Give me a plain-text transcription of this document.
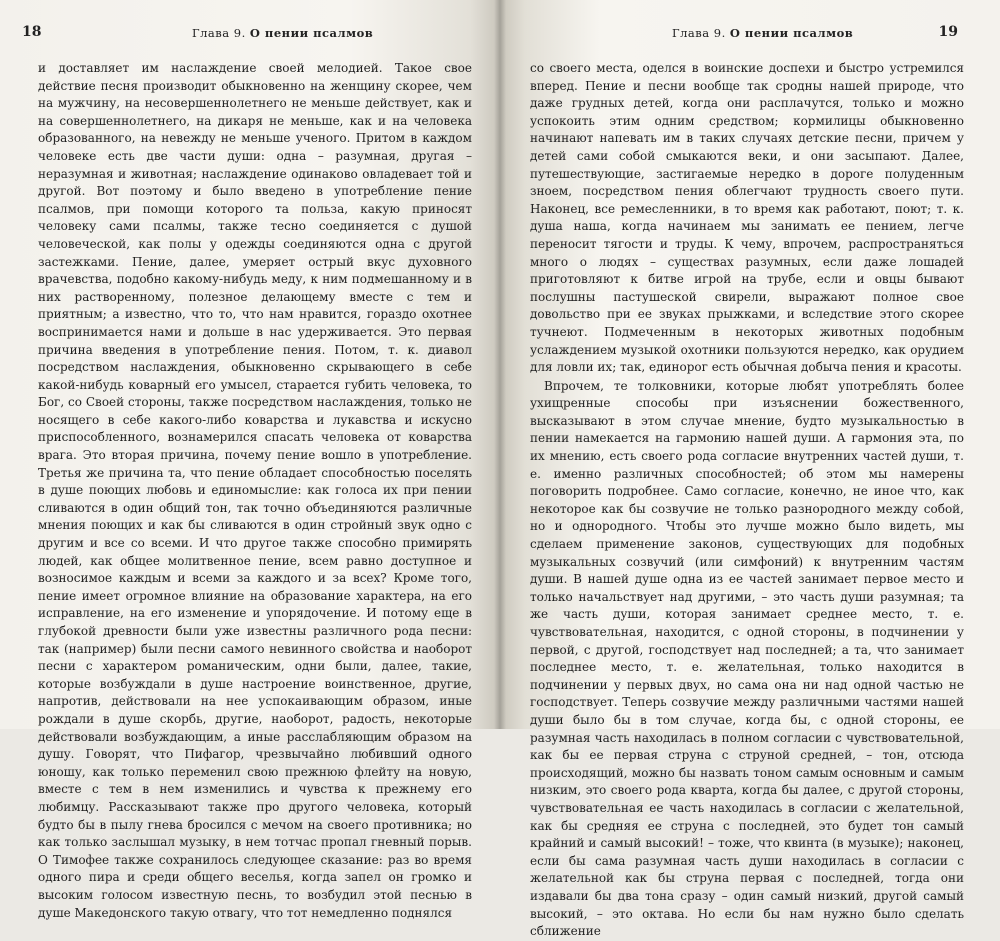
18	Глава 9. О пении псалмов

и доставляет им наслаждение своей мелодией. Такое свое действие песня производит обыкновенно на женщину скорее, чем на мужчину, на несовершеннолетнего не меньше действует, как и на совершеннолетнего, на дикаря не меньше, как и на человека образованного, на невежду не меньше ученого. Притом в каждом человеке есть две части души: одна – разумная, другая – неразумная и животная; наслаждение одинаково овладевает той и другой. Вот поэтому и было введено в употребление пение псалмов, при помощи которого та польза, какую приносят человеку сами псалмы, также тесно соединяется с душой человеческой, как полы у одежды соединяются одна с другой застежками. Пение, далее, умеряет острый вкус духовного врачевства, подобно какому-нибудь меду, к ним подмешанному и в них растворенному, полезное делающему вместе с тем и приятным; а известно, что то, что нам нравится, гораздо охотнее воспринимается нами и дольше в нас удерживается. Это первая причина введения в употребление пения. Потом, т. к. диавол посредством наслаждения, обыкновенно скрывающего в себе какой-нибудь коварный его умысел, старается губить человека, то Бог, со Своей стороны, также посредством наслаждения, только не носящего в себе какого-либо коварства и лукавства и искусно приспособленного, вознамерился спасать человека от коварства врага. Это вторая причина, почему пение вошло в употребление. Третья же причина та, что пение обладает способностью поселять в душе поющих любовь и единомыслие: как голоса их при пении сливаются в один общий тон, так точно объединяются различные мнения поющих и как бы сливаются в один стройный звук одно с другим и все со всеми. И что другое также способно примирять людей, как общее молитвенное пение, всем равно доступное и возносимое каждым и всеми за каждого и за всех? Кроме того, пение имеет огромное влияние на образование характера, на его исправление, на его изменение и упорядочение. И потому еще в глубокой древности были уже известны различного рода песни: так (например) были песни самого невинного свойства и наоборот песни с характером романическим, одни были, далее, такие, которые возбуждали в душе настроение воинственное, другие, напротив, действовали на нее успокаивающим образом, иные рождали в душе скорбь, другие, наоборот, радость, некоторые действовали возбуждающим, а иные расслабляющим образом на душу. Говорят, что Пифагор, чрезвычайно любивший одного юношу, как только переменил свою прежнюю флейту на новую, вместе с тем в нем изменились и чувства к прежнему его любимцу. Рассказывают также про другого человека, который будто бы в пылу гнева бросился с мечом на своего противника; но как только заслышал музыку, в нем тотчас пропал гневный порыв. О Тимофее также сохранилось следующее сказание: раз во время одного пира и среди общего веселья, когда запел он громко и высоким голосом известную песнь, то возбудил этой песнью в душе Македонского такую отвагу, что тот немедленно поднялся

Глава 9. О пении псалмов	19

со своего места, оделся в воинские доспехи и быстро устремился вперед. Пение и песни вообще так сродны нашей природе, что даже грудных детей, когда они расплачутся, только и можно успокоить этим одним средством; кормилицы обыкновенно начинают напевать им в таких случаях детские песни, причем у детей сами собой смыкаются веки, и они засыпают. Далее, путешествующие, застигаемые нередко в дороге полуденным зноем, посредством пения облегчают трудность своего пути. Наконец, все ремесленники, в то время как работают, поют; т. к. душа наша, когда начинаем мы занимать ее пением, легче переносит тягости и труды. К чему, впрочем, распространяться много о людях – существах разумных, если даже лошадей приготовляют к битве игрой на трубе, если и овцы бывают послушны пастушеской свирели, выражают полное свое довольство при ее звуках прыжками, и вследствие этого скорее тучнеют. Подмеченным в некоторых животных подобным услаждением музыкой охотники пользуются нередко, как орудием для ловли их; так, единорог есть обычная добыча пения и красоты.

Впрочем, те толковники, которые любят употреблять более ухищренные способы при изъяснении божественного, высказывают в этом случае мнение, будто музыкальностью в пении намекается на гармонию нашей души. А гармония эта, по их мнению, есть своего рода согласие внутренних частей души, т. е. именно различных способностей; об этом мы намерены поговорить подробнее. Само согласие, конечно, не иное что, как некоторое как бы созвучие не только разнородного между собой, но и однородного. Чтобы это лучше можно было видеть, мы сделаем применение законов, существующих для подобных музыкальных созвучий (или симфоний) к внутренним частям души. В нашей душе одна из ее частей занимает первое место и только начальствует над другими, – это часть души разумная; та же часть души, которая занимает среднее место, т. е. чувствовательная, находится, с одной стороны, в подчинении у первой, с другой, господствует над последней; а та, что занимает последнее место, т. е. желательная, только находится в подчинении у первых двух, но сама она ни над одной частью не господствует. Теперь созвучие между различными частями нашей души было бы в том случае, когда бы, с одной стороны, ее разумная часть находилась в полном согласии с чувствовательной, как бы ее первая струна с струной средней, – тон, отсюда происходящий, можно бы назвать тоном самым основным и самым низким, это своего рода кварта, когда бы далее, с другой стороны, чувствовательная ее часть находилась в согласии с желательной, как бы средняя ее струна с последней, это будет тон самый крайний и самый высокий! – тоже, что квинта (в музыке); наконец, если бы сама разумная часть души находилась в согласии с желательной как бы струна первая с последней, тогда они издавали бы два тона сразу – один самый низкий, другой самый высокий, – это октава. Но если бы нам нужно было сделать сближение
